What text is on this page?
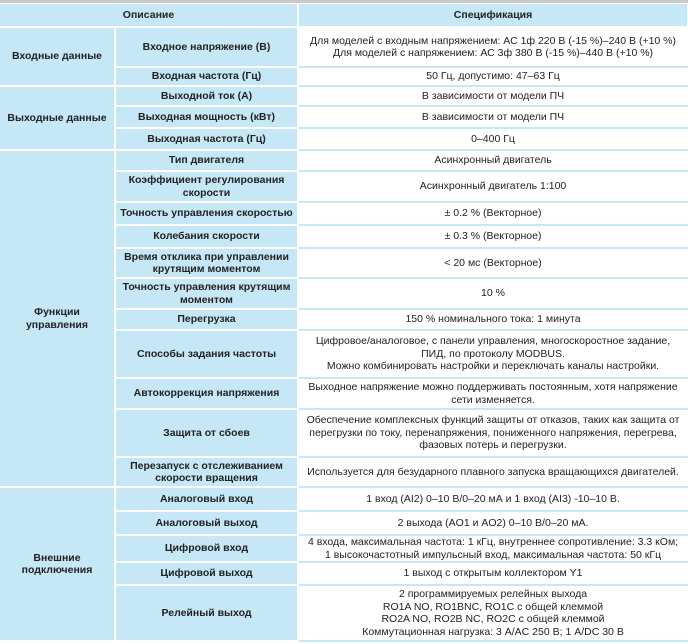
Описание		Спецификация
Входные данные	Входное напряжение (В)	Для моделей с входным напряжением: АС 1ф 220 В (-15 %)–240 В (+10 %)
Для моделей с напряжением: АС 3ф 380 В (-15 %)–440 В (+10 %)

	Входная частота (Гц)	50 Гц, допустимо: 47–63 Гц

Выходные данные	Выходной ток (А)	В зависимости от модели ПЧ

	Выходная мощность (кВт)	В зависимости от модели ПЧ

	Выходная частота (Гц)	0–400 Гц

Функции управления	Тип двигателя	Асинхронный двигатель

	Коэффициент регулирования скорости	Асинхронный двигатель 1:100

	Точность управления скоростью	± 0.2 % (Векторное)

	Колебания скорости	± 0.3 % (Векторное)

	Время отклика при управлении крутящим моментом	< 20 мс (Векторное)

	Точность управления крутящим моментом	10 %

	Перегрузка	150 % номинального тока: 1 минута

	Способы задания частоты	Цифровое/аналоговое, с панели управления, многоскоростное задание,
ПИД, по протоколу MODBUS.
Можно комбинировать настройки и переключать каналы настройки.

	Автокоррекция напряжения	Выходное напряжение можно поддерживать постоянным, хотя напряжение
сети изменяется.

	Защита от сбоев	Обеспечение комплексных функций защиты от отказов, таких как защита от
перегрузки по току, перенапряжения, пониженного напряжения, перегрева,
фазовых потерь и перегрузки.

	Перезапуск с отслеживанием скорости вращения	Используется для безударного плавного запуска вращающихся двигателей.

Внешние подключения	Аналоговый вход	1 вход (AI2) 0–10 В/0–20 мА и 1 вход (AI3) -10–10 В.

	Аналоговый выход	2 выхода (AO1 и AO2) 0–10 В/0–20 мА.

	Цифровой вход	4 входа, максимальная частота: 1 кГц, внутреннее сопротивление: 3.3 кОм;
1 высокочастотный импульсный вход, максимальная частота: 50 кГц

	Цифровой выход	1 выход с открытым коллектором Y1

	Релейный выход	2 программируемых релейных выхода
RO1A NO, RO1BNC, RO1C с общей клеммой
RO2A NO, RO2B NC, RO2C с общей клеммой
Коммутационная нагрузка: 3 A/AC 250 В; 1 A/DC 30 В
